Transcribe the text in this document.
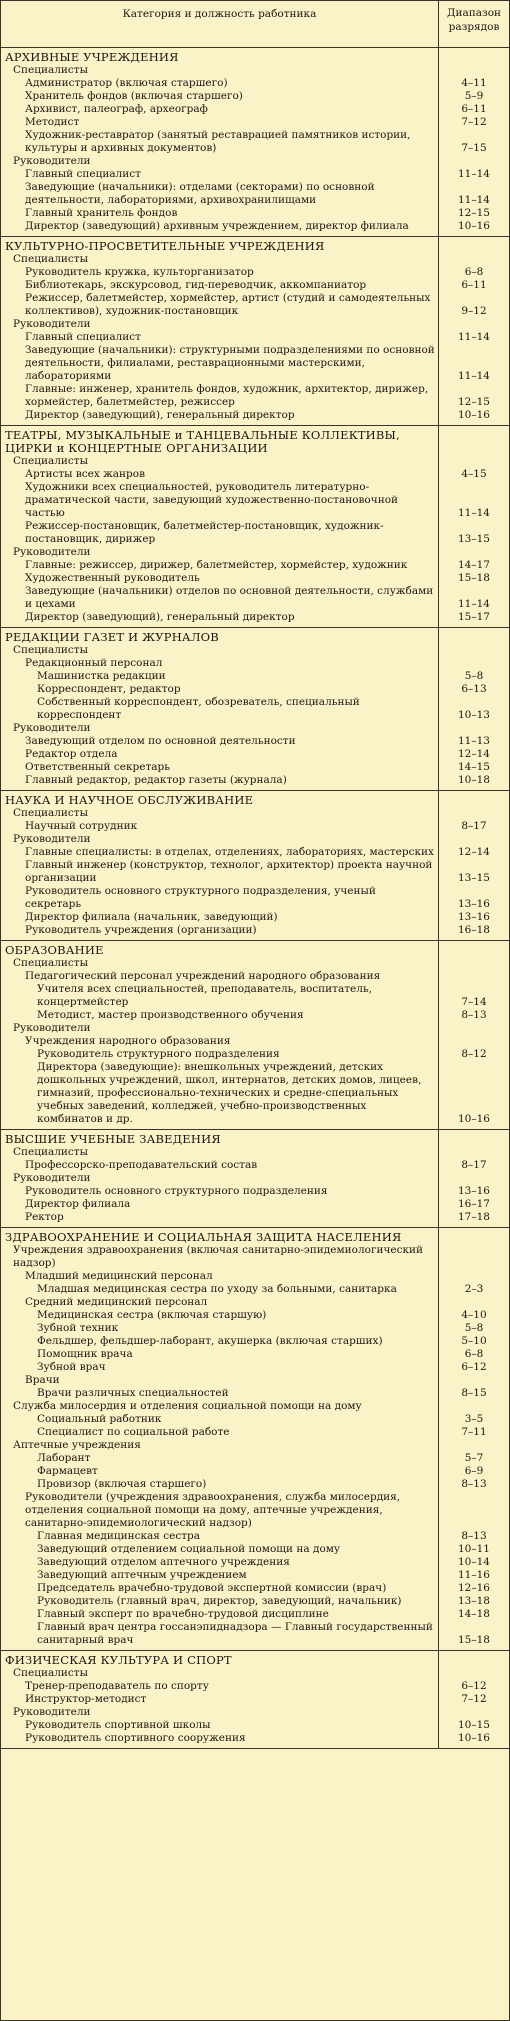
Категория и должность работника	Диапазон
разрядов
АРХИВНЫЕ УЧРЕЖДЕНИЯ
Специалисты
Администратор (включая старшего)	4–11
Хранитель фондов (включая старшего)	5–9
Архивист, палеограф, археограф	6–11
Методист	7–12
Художник-реставратор (занятый реставрацией памятников истории, культуры и архивных документов)	7–15
Руководители
Главный специалист	11–14
Заведующие (начальники): отделами (секторами) по основной деятельности, лабораториями, архивохранилищами	11–14
Главный хранитель фондов	12–15
Директор (заведующий) архивным учреждением, директор филиала	10–16
КУЛЬТУРНО-ПРОСВЕТИТЕЛЬНЫЕ УЧРЕЖДЕНИЯ
Специалисты
Руководитель кружка, культорганизатор	6–8
Библиотекарь, экскурсовод, гид-переводчик, аккомпаниатор	6–11
Режиссер, балетмейстер, хормейстер, артист (студий и самодеятельных коллективов), художник-постановщик	9–12
Руководители
Главный специалист	11–14
Заведующие (начальники): структурными подразделениями по основной деятельности, филиалами, реставрационными мастерскими, лабораториями	11–14
Главные: инженер, хранитель фондов, художник, архитектор, дирижер, хормейстер, балетмейстер, режиссер	12–15
Директор (заведующий), генеральный директор	10–16
ТЕАТРЫ, МУЗЫКАЛЬНЫЕ и ТАНЦЕВАЛЬНЫЕ КОЛЛЕКТИВЫ, ЦИРКИ и КОНЦЕРТНЫЕ ОРГАНИЗАЦИИ
Специалисты
Артисты всех жанров	4–15
Художники всех специальностей, руководитель литературно-драматической части, заведующий художественно-постановочной частью	11–14
Режиссер-постановщик, балетмейстер-постановщик, художник-постановщик, дирижер	13–15
Руководители
Главные: режиссер, дирижер, балетмейстер, хормейстер, художник	14–17
Художественный руководитель	15–18
Заведующие (начальники) отделов по основной деятельности, службами и цехами	11–14
Директор (заведующий), генеральный директор	15–17
РЕДАКЦИИ ГАЗЕТ И ЖУРНАЛОВ
Специалисты
Редакционный персонал
Машинистка редакции	5–8
Корреспондент, редактор	6–13
Собственный корреспондент, обозреватель, специальный корреспондент	10–13
Руководители
Заведующий отделом по основной деятельности	11–13
Редактор отдела	12–14
Ответственный секретарь	14–15
Главный редактор, редактор газеты (журнала)	10–18
НАУКА И НАУЧНОЕ ОБСЛУЖИВАНИЕ
Специалисты
Научный сотрудник	8–17
Руководители
Главные специалисты: в отделах, отделениях, лабораториях, мастерских	12–14
Главный инженер (конструктор, технолог, архитектор) проекта научной организации	13–15
Руководитель основного структурного подразделения, ученый секретарь	13–16
Директор филиала (начальник, заведующий)	13–16
Руководитель учреждения (организации)	16–18
ОБРАЗОВАНИЕ
Специалисты
Педагогический персонал учреждений народного образования
Учителя всех специальностей, преподаватель, воспитатель, концертмейстер	7–14
Методист, мастер производственного обучения	8–13
Руководители
Учреждения народного образования
Руководитель структурного подразделения	8–12
Директора (заведующие): внешкольных учреждений, детских дошкольных учреждений, школ, интернатов, детских домов, лицеев, гимназий, профессионально-технических и средне-специальных учебных заведений, колледжей, учебно-производственных комбинатов и др.	10–16
ВЫСШИЕ УЧЕБНЫЕ ЗАВЕДЕНИЯ
Специалисты
Профессорско-преподавательский состав	8–17
Руководители
Руководитель основного структурного подразделения	13–16
Директор филиала	16–17
Ректор	17–18
ЗДРАВООХРАНЕНИЕ И СОЦИАЛЬНАЯ ЗАЩИТА НАСЕЛЕНИЯ
Учреждения здравоохранения (включая санитарно-эпидемиологический надзор)
Младший медицинский персонал
Младшая медицинская сестра по уходу за больными, санитарка	2–3
Средний медицинский персонал
Медицинская сестра (включая старшую)	4–10
Зубной техник	5–8
Фельдшер, фельдшер-лаборант, акушерка (включая старших)	5–10
Помощник врача	6–8
Зубной врач	6–12
Врачи
Врачи различных специальностей	8–15
Служба милосердия и отделения социальной помощи на дому
Социальный работник	3–5
Специалист по социальной работе	7–11
Аптечные учреждения
Лаборант	5–7
Фармацевт	6–9
Провизор (включая старшего)	8–13
Руководители (учреждения здравоохранения, служба милосердия, отделения социальной помощи на дому, аптечные учреждения, санитарно-эпидемиологический надзор)
Главная медицинская сестра	8–13
Заведующий отделением социальной помощи на дому	10–11
Заведующий отделом аптечного учреждения	10–14
Заведующий аптечным учреждением	11–16
Председатель врачебно-трудовой экспертной комиссии (врач)	12–16
Руководитель (главный врач, директор, заведующий, начальник)	13–18
Главный эксперт по врачебно-трудовой дисциплине	14–18
Главный врач центра госсанэпиднадзора — Главный государственный санитарный врач	15–18
ФИЗИЧЕСКАЯ КУЛЬТУРА И СПОРТ
Специалисты
Тренер-преподаватель по спорту	6–12
Инструктор-методист	7–12
Руководители
Руководитель спортивной школы	10–15
Руководитель спортивного сооружения	10–16
